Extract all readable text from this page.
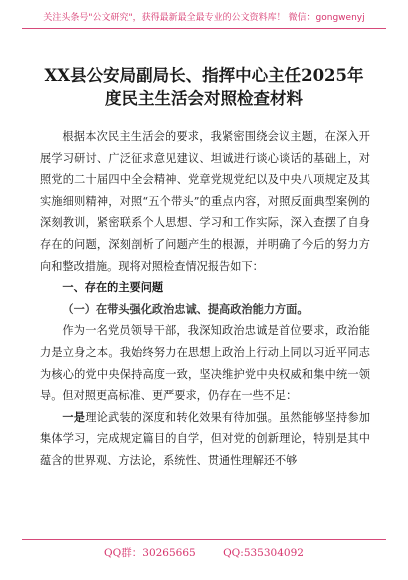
关注头条号"公文研究"，获得最新最全最专业的公文资料库！ 微信：gongwenyj
XX县公安局副局长、指挥中心主任2025年度民主生活会对照检查材料

根据本次民主生活会的要求，我紧密围绕会议主题，在深入开展学习研讨、广泛征求意见建议、坦诚进行谈心谈话的基础上，对照党的二十届四中全会精神、党章党规党纪以及中央八项规定及其实施细则精神，对照“五个带头”的重点内容，对照反面典型案例的深刻教训，紧密联系个人思想、学习和工作实际，深入查摆了自身存在的问题，深刻剖析了问题产生的根源，并明确了今后的努力方向和整改措施。现将对照检查情况报告如下：

一、存在的主要问题

（一）在带头强化政治忠诚、提高政治能力方面。

作为一名党员领导干部，我深知政治忠诚是首位要求，政治能力是立身之本。我始终努力在思想上政治上行动上同以习近平同志为核心的党中央保持高度一致，坚决维护党中央权威和集中统一领导。但对照更高标准、更严要求，仍存在一些不足：

一是理论武装的深度和转化效果有待加强。虽然能够坚持参加集体学习，完成规定篇目的自学，但对党的创新理论，特别是其中蕴含的世界观、方法论，系统性、贯通性理解还不够

QQ群：30265665	QQ:535304092
